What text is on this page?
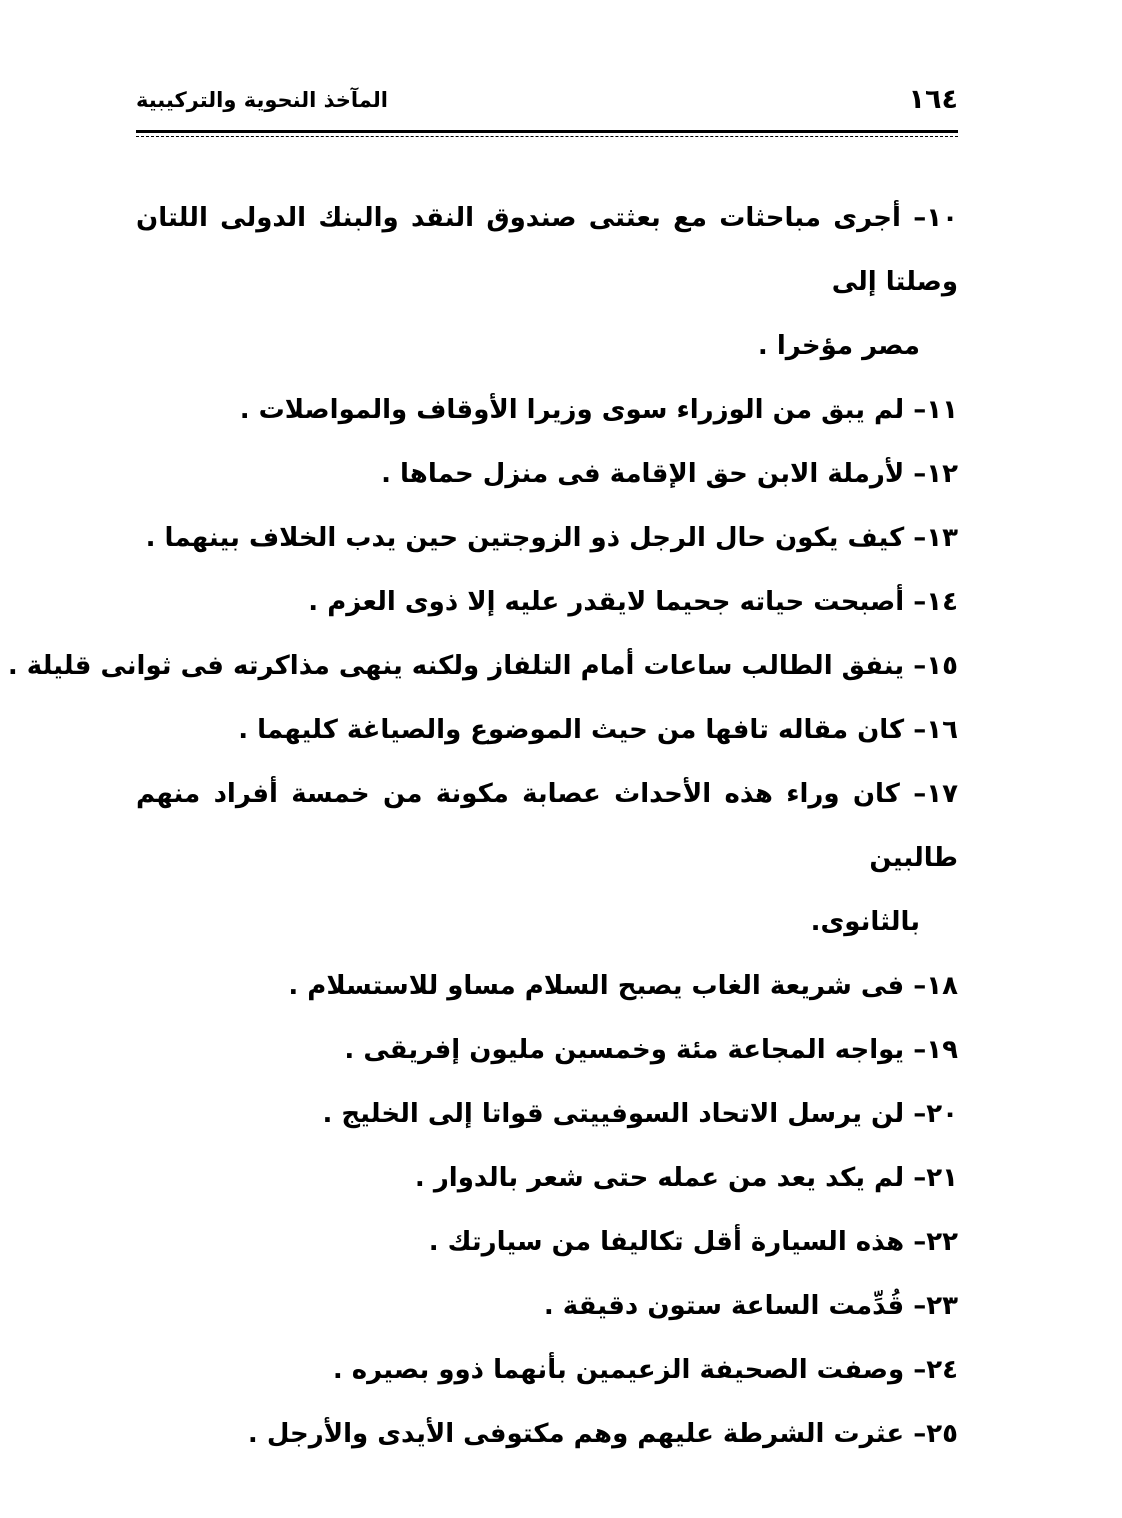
١٦٤
المآخذ النحوية والتركيبية
١٠– أجرى مباحثات مع بعثتى صندوق النقد والبنك الدولى اللتان وصلتا إلى
مصر مؤخرا .
١١– لم يبق من الوزراء سوى وزيرا الأوقاف والمواصلات .
١٢– لأرملة الابن حق الإقامة فى منزل حماها .
١٣– كيف يكون حال الرجل ذو الزوجتين حين يدب الخلاف بينهما .
١٤– أصبحت حياته جحيما لايقدر عليه إلا ذوى العزم .
١٥– ينفق الطالب ساعات أمام التلفاز ولكنه ينهى مذاكرته فى ثوانى قليلة .
١٦– كان مقاله تافها من حيث الموضوع والصياغة كليهما .
١٧– كان وراء هذه الأحداث عصابة مكونة من خمسة أفراد منهم طالبين
بالثانوى.
١٨– فى شريعة الغاب يصبح السلام مساو للاستسلام .
١٩– يواجه المجاعة مئة وخمسين مليون إفريقى .
٢٠– لن يرسل الاتحاد السوفييتى قواتا إلى الخليج .
٢١– لم يكد يعد من عمله حتى شعر بالدوار .
٢٢– هذه السيارة أقل تكاليفا من سيارتك .
٢٣– قُدِّمت الساعة ستون دقيقة .
٢٤– وصفت الصحيفة الزعيمين بأنهما ذوو بصيره .
٢٥– عثرت الشرطة عليهم وهم مكتوفى الأيدى والأرجل .
